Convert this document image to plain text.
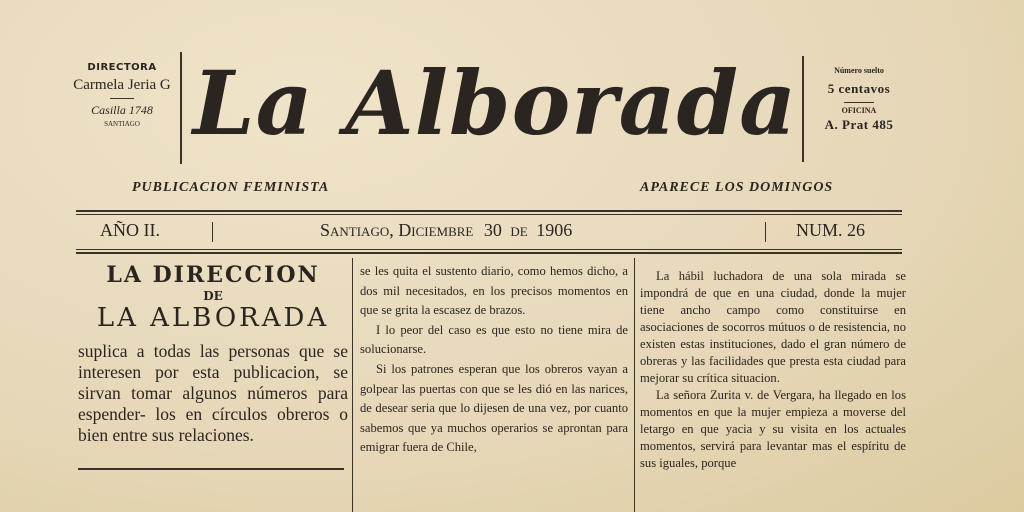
DIRECTORA
Carmela Jeria G
Casilla 1748
SANTIAGO La Alborada	Número suelto
5 centavos
OFICINA
A. Prat 485
PUBLICACION FEMINISTA	APARECE LOS DOMINGOS
AÑO II.	Santiago, Diciembre 30 de 1906	NUM. 26
LA DIRECCION
DE
LA ALBORADA

suplica a todas las personas que se interesen por esta publicacion, se sirvan tomar algunos números para espender- los en círculos obreros o bien entre sus relaciones.

se les quita el sustento diario, como hemos dicho, a dos mil necesitados, en los precisos momentos en que se grita la escasez de brazos.

I lo peor del caso es que esto no tiene mira de solucionarse.

Si los patrones esperan que los obreros vayan a golpear las puertas con que se les dió en las narices, de desear seria que lo dijesen de una vez, por cuanto sabemos que ya muchos operarios se aprontan para emigrar fuera de Chile,

La hábil luchadora de una sola mirada se impondrá de que en una ciudad, donde la mujer tiene ancho campo como constituirse en asociaciones de socorros mútuos o de resistencia, no existen estas instituciones, dado el gran número de obreras y las facilidades que presta esta ciudad para mejorar su crítica situacion.

La señora Zurita v. de Vergara, ha llegado en los momentos en que la mujer empieza a moverse del letargo en que yacia y su visita en los actuales momentos, servirá para levantar mas el espíritu de sus iguales, porque
